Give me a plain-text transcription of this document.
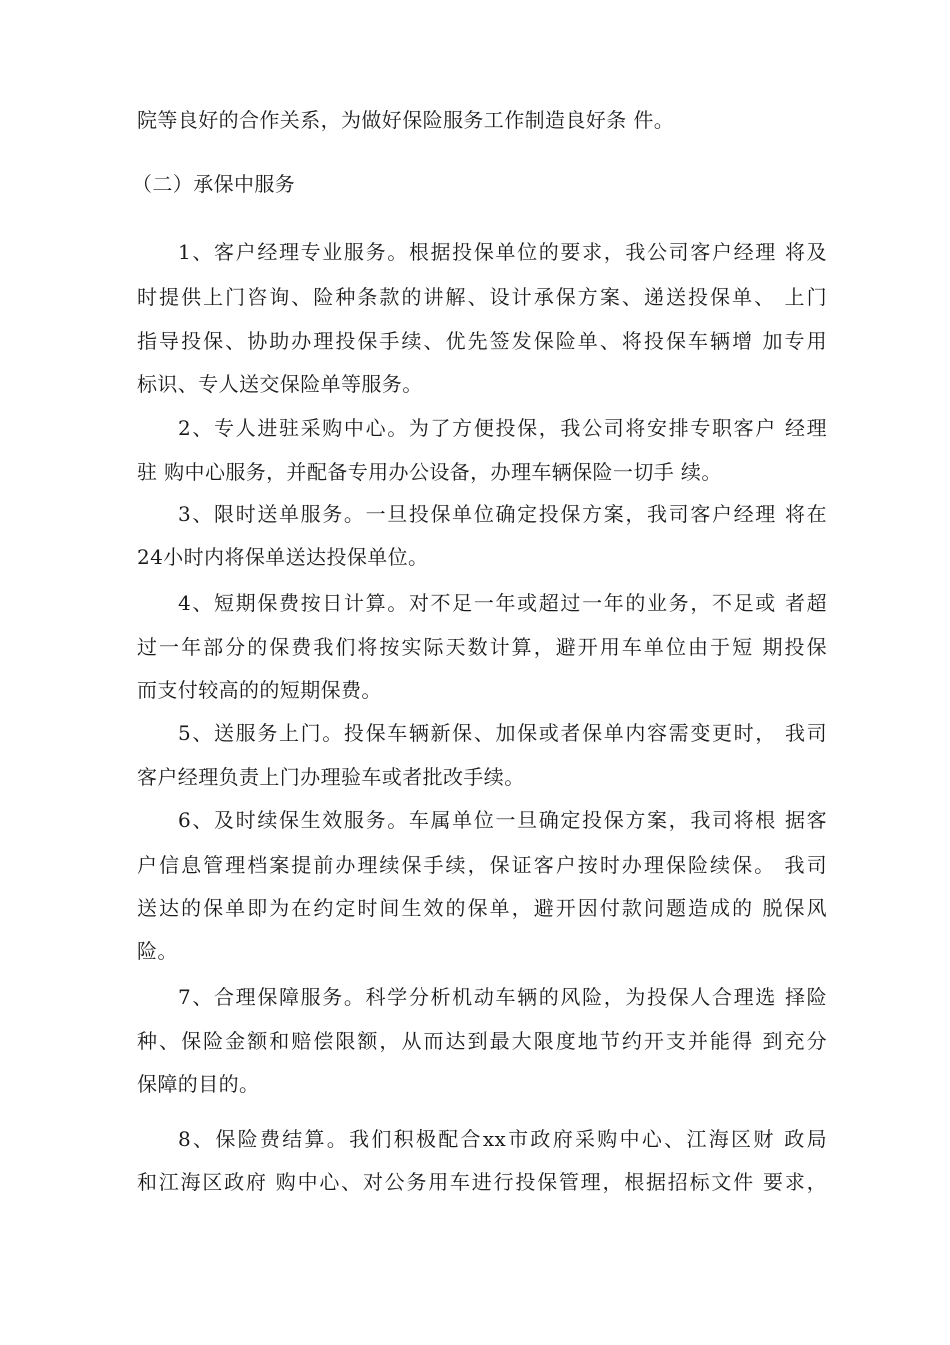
院等良好的合作关系，为做好保险服务工作制造良好条 件。
（二）承保中服务
1、客户经理专业服务。根据投保单位的要求，我公司客户经理 将及
时提供上门咨询、险种条款的讲解、设计承保方案、递送投保单、 上门
指导投保、协助办理投保手续、优先签发保险单、将投保车辆增 加专用
标识、专人送交保险单等服务。
2、专人进驻采购中心。为了方便投保，我公司将安排专职客户 经理
驻 购中心服务，并配备专用办公设备，办理车辆保险一切手 续。
3、限时送单服务。一旦投保单位确定投保方案，我司客户经理 将在
24小时内将保单送达投保单位。
4、短期保费按日计算。对不足一年或超过一年的业务，不足或 者超
过一年部分的保费我们将按实际天数计算，避开用车单位由于短 期投保
而支付较高的的短期保费。
5、送服务上门。投保车辆新保、加保或者保单内容需变更时， 我司
客户经理负责上门办理验车或者批改手续。
6、及时续保生效服务。车属单位一旦确定投保方案，我司将根 据客
户信息管理档案提前办理续保手续，保证客户按时办理保险续保。 我司
送达的保单即为在约定时间生效的保单，避开因付款问题造成的 脱保风
险。
7、合理保障服务。科学分析机动车辆的风险，为投保人合理选 择险
种、保险金额和赔偿限额，从而达到最大限度地节约开支并能得 到充分
保障的目的。
8、保险费结算。我们积极配合xx市政府采购中心、江海区财 政局
和江海区政府 购中心、对公务用车进行投保管理，根据招标文件 要求，
